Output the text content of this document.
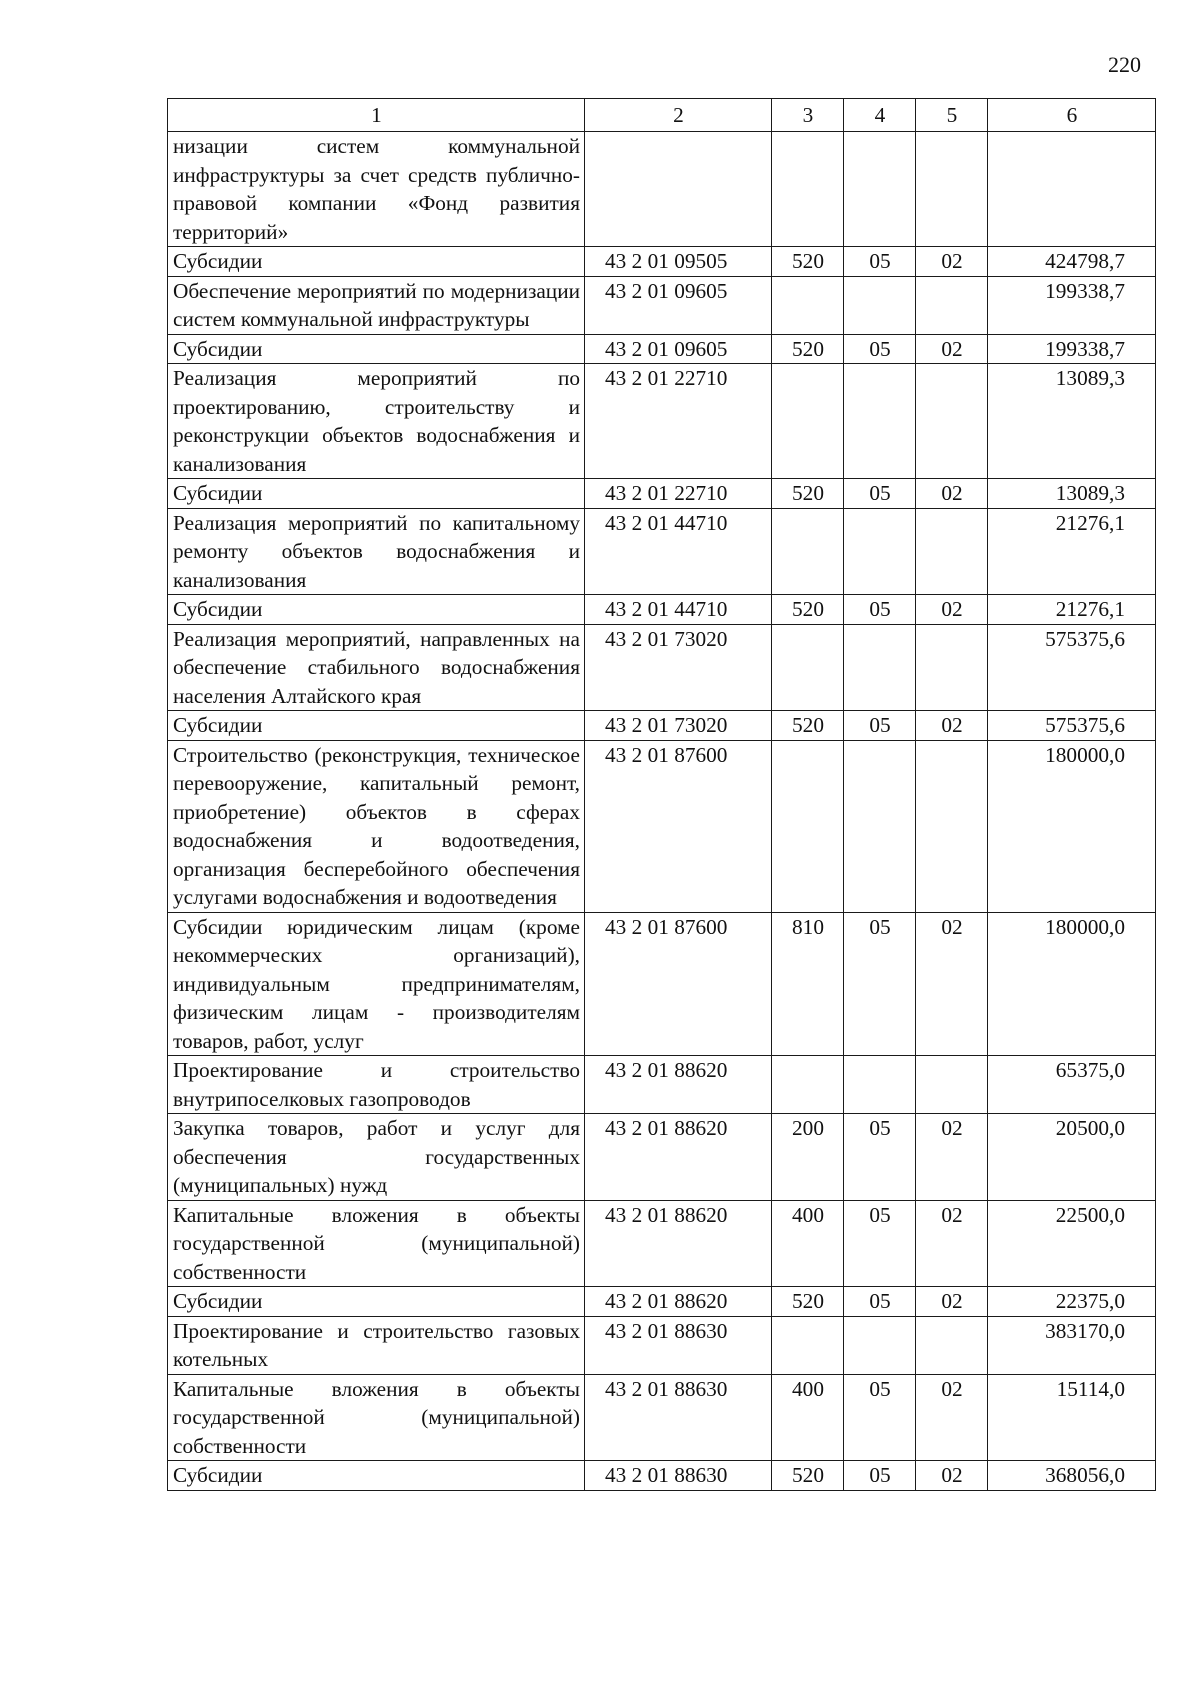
220
1	2	3	4	5	6
низации систем коммунальной инфраструктуры за счет средств публично-правовой компании «Фонд развития территорий»					
Субсидии	43 2 01 09505	520	05	02	424798,7
Обеспечение мероприятий по модернизации систем коммунальной инфраструктуры	43 2 01 09605				199338,7
Субсидии	43 2 01 09605	520	05	02	199338,7
Реализация мероприятий по проектированию, строительству и реконструкции объектов водоснабжения и канализования	43 2 01 22710				13089,3
Субсидии	43 2 01 22710	520	05	02	13089,3
Реализация мероприятий по капитальному ремонту объектов водоснабжения и канализования	43 2 01 44710				21276,1
Субсидии	43 2 01 44710	520	05	02	21276,1
Реализация мероприятий, направленных на обеспечение стабильного водоснабжения населения Алтайского края	43 2 01 73020				575375,6
Субсидии	43 2 01 73020	520	05	02	575375,6
Строительство (реконструкция, техническое перевооружение, капитальный ремонт, приобретение) объектов в сферах водоснабжения и водоотведения, организация бесперебойного обеспечения услугами водоснабжения и водоотведения	43 2 01 87600				180000,0
Субсидии юридическим лицам (кроме некоммерческих организаций), индивидуальным предпринимателям, физическим лицам - производителям товаров, работ, услуг	43 2 01 87600	810	05	02	180000,0
Проектирование и строительство внутрипоселковых газопроводов	43 2 01 88620				65375,0
Закупка товаров, работ и услуг для обеспечения государственных (муниципальных) нужд	43 2 01 88620	200	05	02	20500,0
Капитальные вложения в объекты государственной (муниципальной) собственности	43 2 01 88620	400	05	02	22500,0
Субсидии	43 2 01 88620	520	05	02	22375,0
Проектирование и строительство газовых котельных	43 2 01 88630				383170,0
Капитальные вложения в объекты государственной (муниципальной) собственности	43 2 01 88630	400	05	02	15114,0
Субсидии	43 2 01 88630	520	05	02	368056,0
